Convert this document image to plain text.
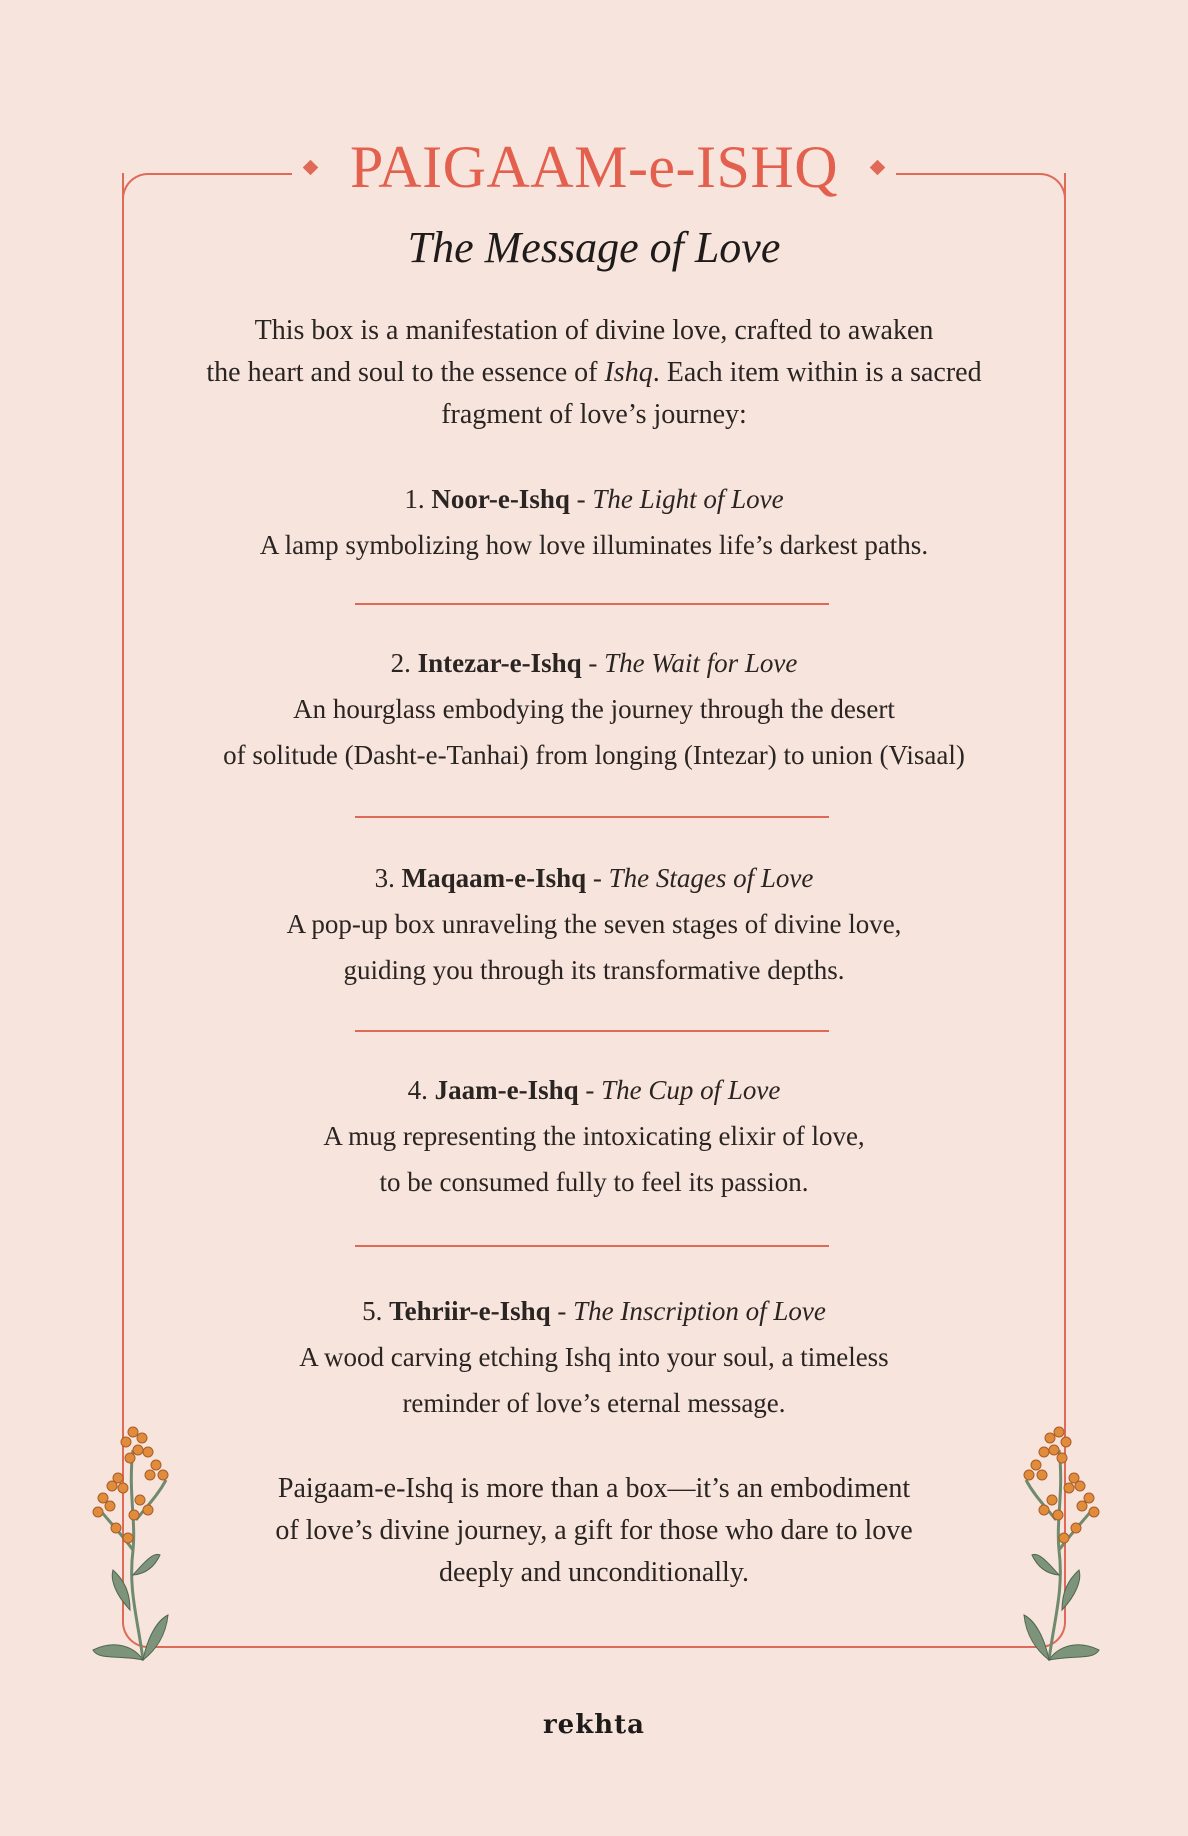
PAIGAAM-e-ISHQ
The Message of Love
This box is a manifestation of divine love, crafted to awaken
the heart and soul to the essence of Ishq. Each item within is a sacred
fragment of love’s journey:
1. Noor-e-Ishq - The Light of Love
A lamp symbolizing how love illuminates life’s darkest paths.
2. Intezar-e-Ishq - The Wait for Love
An hourglass embodying the journey through the desert
of solitude (Dasht-e-Tanhai) from longing (Intezar) to union (Visaal)
3. Maqaam-e-Ishq - The Stages of Love
A pop-up box unraveling the seven stages of divine love,
guiding you through its transformative depths.
4. Jaam-e-Ishq - The Cup of Love
A mug representing the intoxicating elixir of love,
to be consumed fully to feel its passion.
5. Tehriir-e-Ishq - The Inscription of Love
A wood carving etching Ishq into your soul, a timeless
reminder of love’s eternal message.
Paigaam-e-Ishq is more than a box—it’s an embodiment
of love’s divine journey, a gift for those who dare to love
deeply and unconditionally.
rekhta
